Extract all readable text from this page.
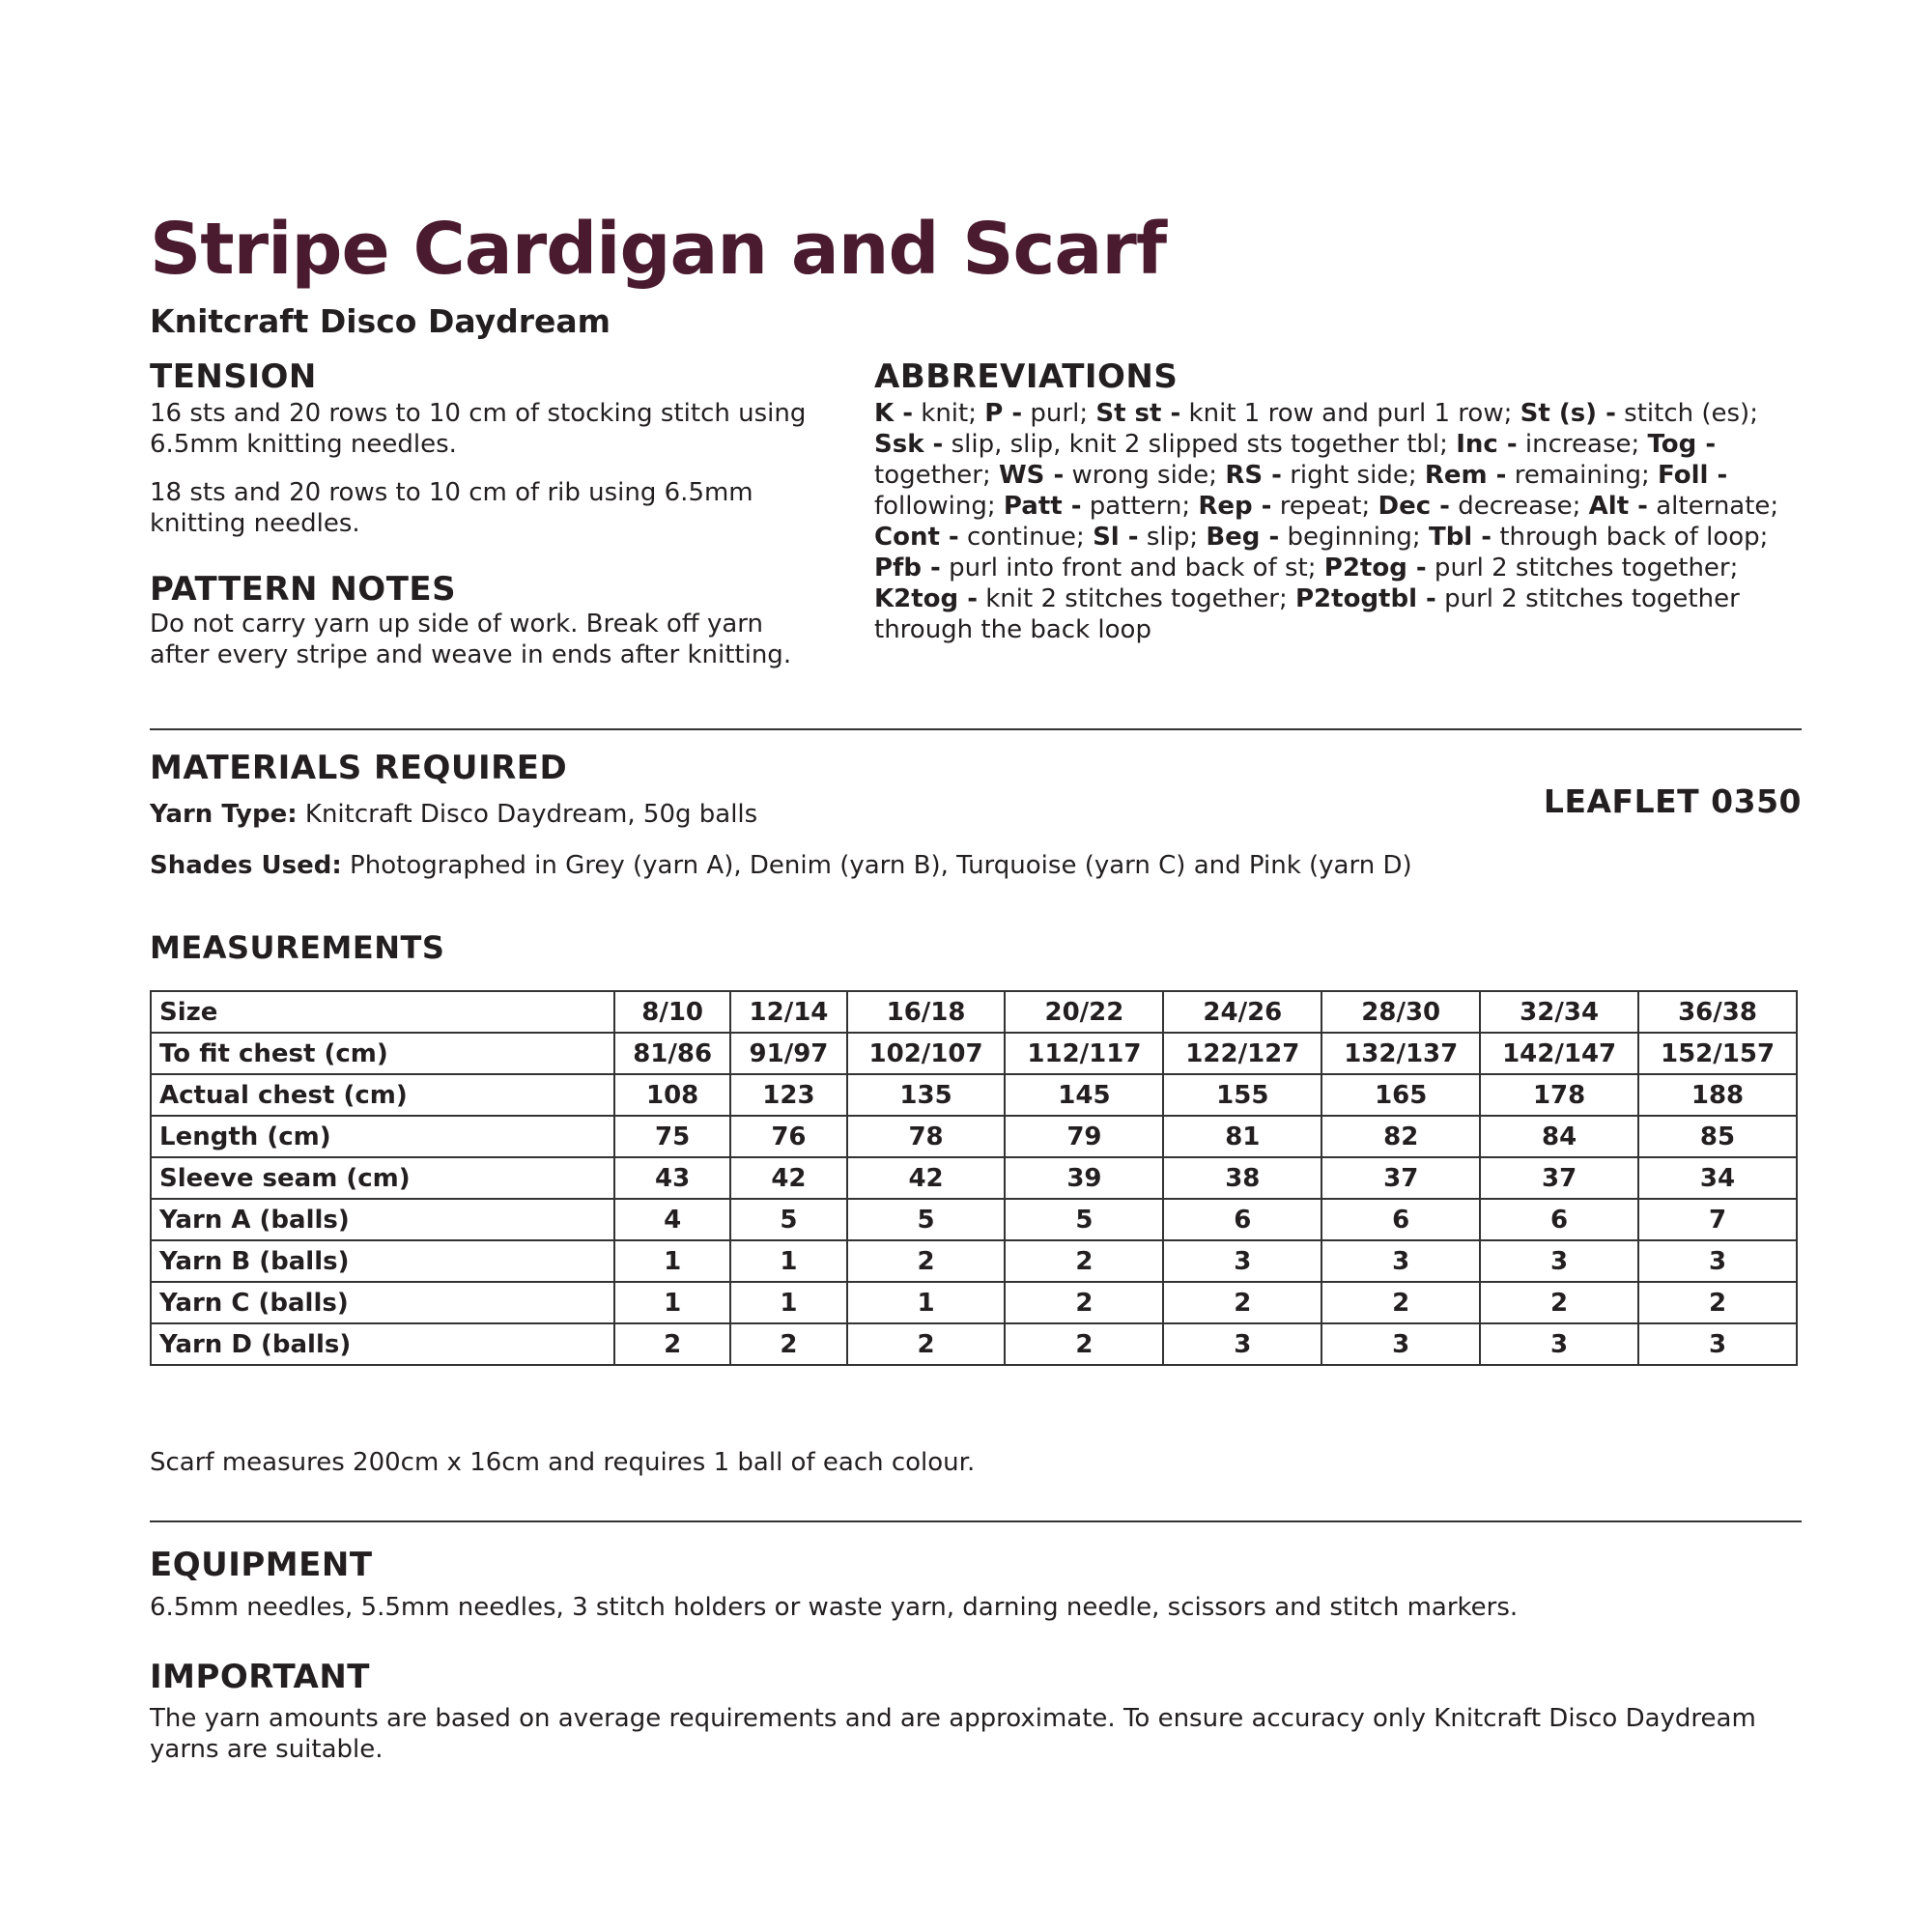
Stripe Cardigan and Scarf
Knitcraft Disco Daydream
TENSION
16 sts and 20 rows to 10 cm of stocking stitch using 6.5mm knitting needles.
18 sts and 20 rows to 10 cm of rib using 6.5mm knitting needles.
PATTERN NOTES
Do not carry yarn up side of work. Break off yarn after every stripe and weave in ends after knitting.
ABBREVIATIONS
K - knit; P - purl; St st - knit 1 row and purl 1 row; St (s) - stitch (es); Ssk - slip, slip, knit 2 slipped sts together tbl; Inc - increase; Tog - together; WS - wrong side; RS - right side; Rem - remaining; Foll - following; Patt - pattern; Rep - repeat; Dec - decrease; Alt - alternate; Cont - continue; Sl - slip; Beg - beginning; Tbl - through back of loop; Pfb - purl into front and back of st; P2tog - purl 2 stitches together; K2tog - knit 2 stitches together; P2togtbl - purl 2 stitches together through the back loop
MATERIALS REQUIRED
LEAFLET 0350
Yarn Type: Knitcraft Disco Daydream, 50g balls
Shades Used: Photographed in Grey (yarn A), Denim (yarn B), Turquoise (yarn C) and Pink (yarn D)
MEASUREMENTS
Size	8/10	12/14	16/18	20/22	24/26	28/30	32/34	36/38
To fit chest (cm)	81/86	91/97	102/107	112/117	122/127	132/137	142/147	152/157
Actual chest (cm)	108	123	135	145	155	165	178	188
Length (cm)	75	76	78	79	81	82	84	85
Sleeve seam (cm)	43	42	42	39	38	37	37	34
Yarn A (balls)	4	5	5	5	6	6	6	7
Yarn B (balls)	1	1	2	2	3	3	3	3
Yarn C (balls)	1	1	1	2	2	2	2	2
Yarn D (balls)	2	2	2	2	3	3	3	3
Scarf measures 200cm x 16cm and requires 1 ball of each colour.
EQUIPMENT
6.5mm needles, 5.5mm needles, 3 stitch holders or waste yarn, darning needle, scissors and stitch markers.
IMPORTANT
The yarn amounts are based on average requirements and are approximate. To ensure accuracy only Knitcraft Disco Daydream yarns are suitable.
